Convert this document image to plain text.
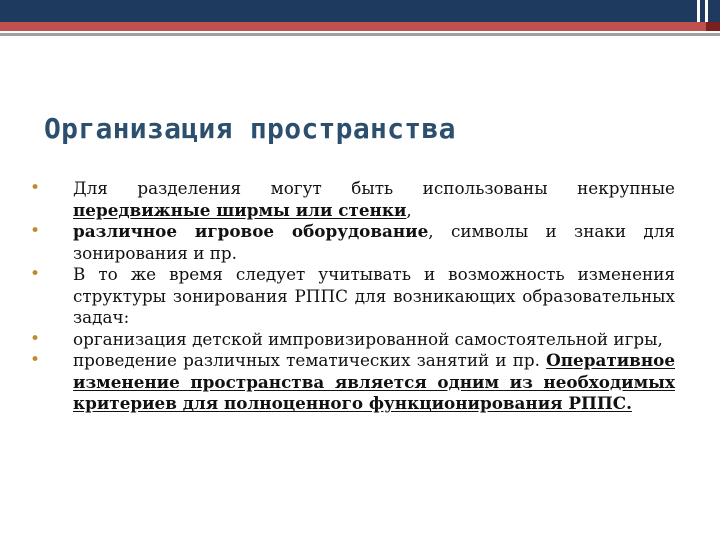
Организация пространства
• Для разделения могут быть использованы некрупные передвижные ширмы или стенки,
• различное игровое оборудование, символы и знаки для зонирования и пр.
• В то же время следует учитывать и возможность изменения структуры зонирования РППС для возникающих образовательных задач:
• организация детской импровизированной самостоятельной игры,
• проведение различных тематических занятий и пр. Оперативное изменение пространства является одним из необходимых критериев для полноценного функционирования РППС.
